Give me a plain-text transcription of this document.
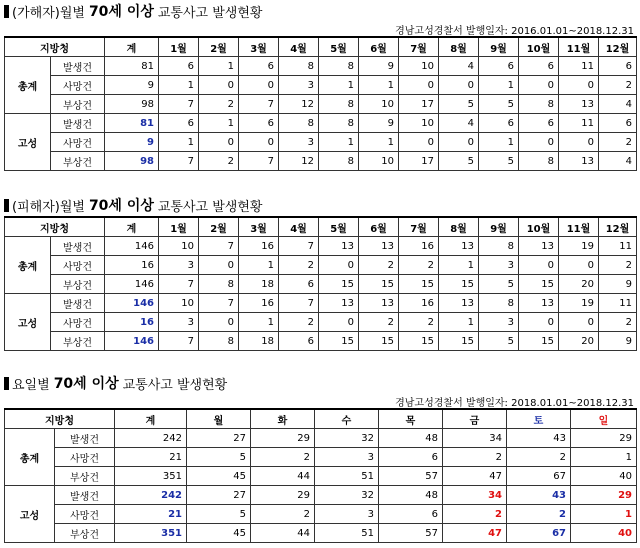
(가해자)월별 70세 이상 교통사고 발생현황
경남고성경찰서 발행일자: 2016.01.01~2018.12.31
지방청		계	1월	2월	3월	4월	5월	6월	7월	8월	9월	10월	11월	12월
총계	발생건	81	6	1	6	8	8	9	10	4	6	6	11	6
	사망건	9	1	0	0	3	1	1	0	0	1	0	0	2
	부상건	98	7	2	7	12	8	10	17	5	5	8	13	4
고성	발생건	81	6	1	6	8	8	9	10	4	6	6	11	6
	사망건	9	1	0	0	3	1	1	0	0	1	0	0	2
	부상건	98	7	2	7	12	8	10	17	5	5	8	13	4
(피해자)월별 70세 이상 교통사고 발생현황
지방청		계	1월	2월	3월	4월	5월	6월	7월	8월	9월	10월	11월	12월
총계	발생건	146	10	7	16	7	13	13	16	13	8	13	19	11
	사망건	16	3	0	1	2	0	2	2	1	3	0	0	2
	부상건	146	7	8	18	6	15	15	15	15	5	15	20	9
고성	발생건	146	10	7	16	7	13	13	16	13	8	13	19	11
	사망건	16	3	0	1	2	0	2	2	1	3	0	0	2
	부상건	146	7	8	18	6	15	15	15	15	5	15	20	9
요일별 70세 이상 교통사고 발생현황
경남고성경찰서 발행일자: 2018.01.01~2018.12.31
지방청		계	월	화	수	목	금	토	일
총계	발생건	242	27	29	32	48	34	43	29
	사망건	21	5	2	3	6	2	2	1
	부상건	351	45	44	51	57	47	67	40
고성	발생건	242	27	29	32	48	34	43	29
	사망건	21	5	2	3	6	2	2	1
	부상건	351	45	44	51	57	47	67	40
